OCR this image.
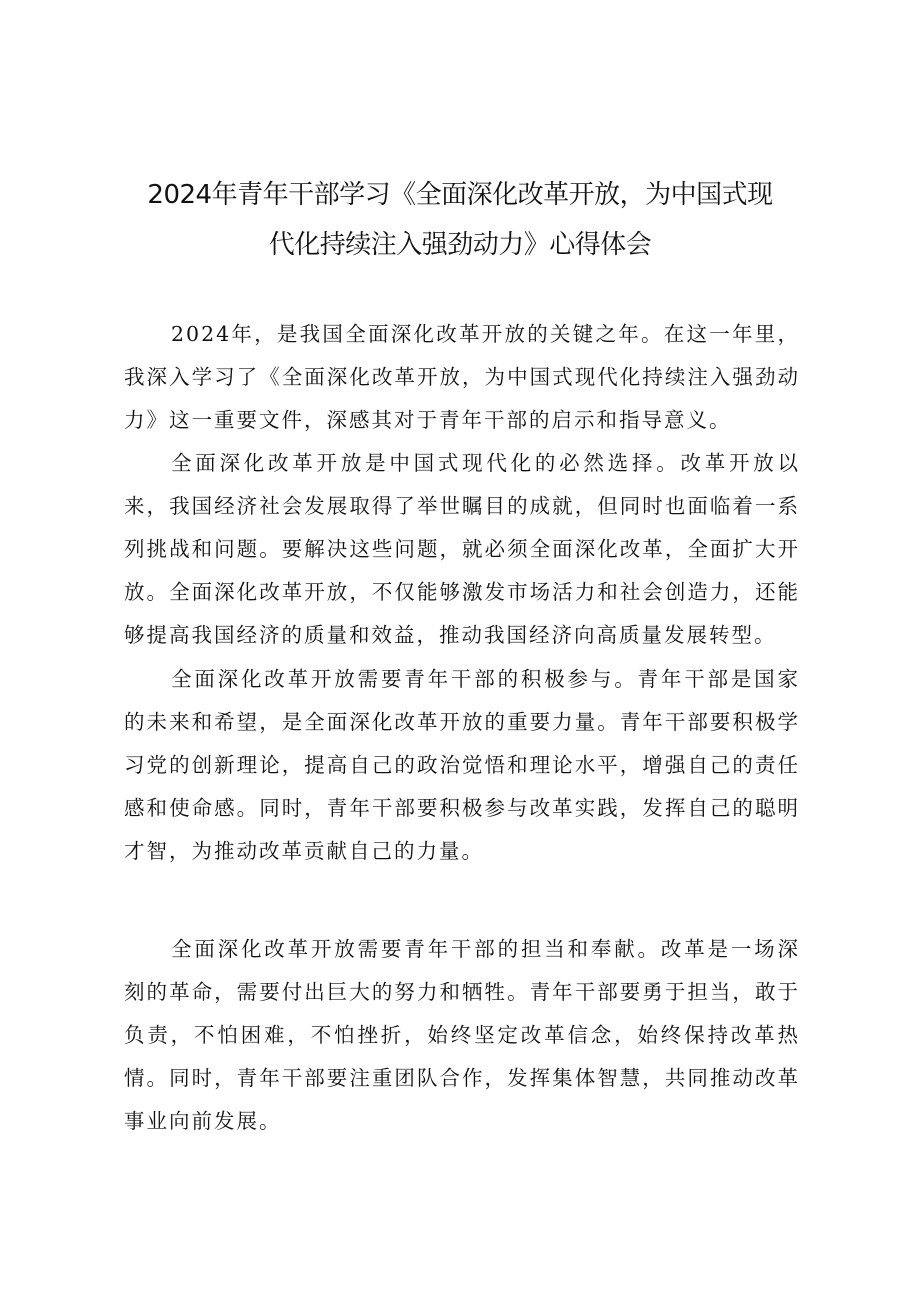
2024年青年干部学习《全面深化改革开放，为中国式现
代化持续注入强劲动力》心得体会

2024年，是我国全面深化改革开放的关键之年。在这一年里，我深入学习了《全面深化改革开放，为中国式现代化持续注入强劲动力》这一重要文件，深感其对于青年干部的启示和指导意义。

全面深化改革开放是中国式现代化的必然选择。改革开放以来，我国经济社会发展取得了举世瞩目的成就，但同时也面临着一系列挑战和问题。要解决这些问题，就必须全面深化改革，全面扩大开放。全面深化改革开放，不仅能够激发市场活力和社会创造力，还能够提高我国经济的质量和效益，推动我国经济向高质量发展转型。

全面深化改革开放需要青年干部的积极参与。青年干部是国家的未来和希望，是全面深化改革开放的重要力量。青年干部要积极学习党的创新理论，提高自己的政治觉悟和理论水平，增强自己的责任感和使命感。同时，青年干部要积极参与改革实践，发挥自己的聪明才智，为推动改革贡献自己的力量。

全面深化改革开放需要青年干部的担当和奉献。改革是一场深刻的革命，需要付出巨大的努力和牺牲。青年干部要勇于担当，敢于负责，不怕困难，不怕挫折，始终坚定改革信念，始终保持改革热情。同时，青年干部要注重团队合作，发挥集体智慧，共同推动改革事业向前发展。
